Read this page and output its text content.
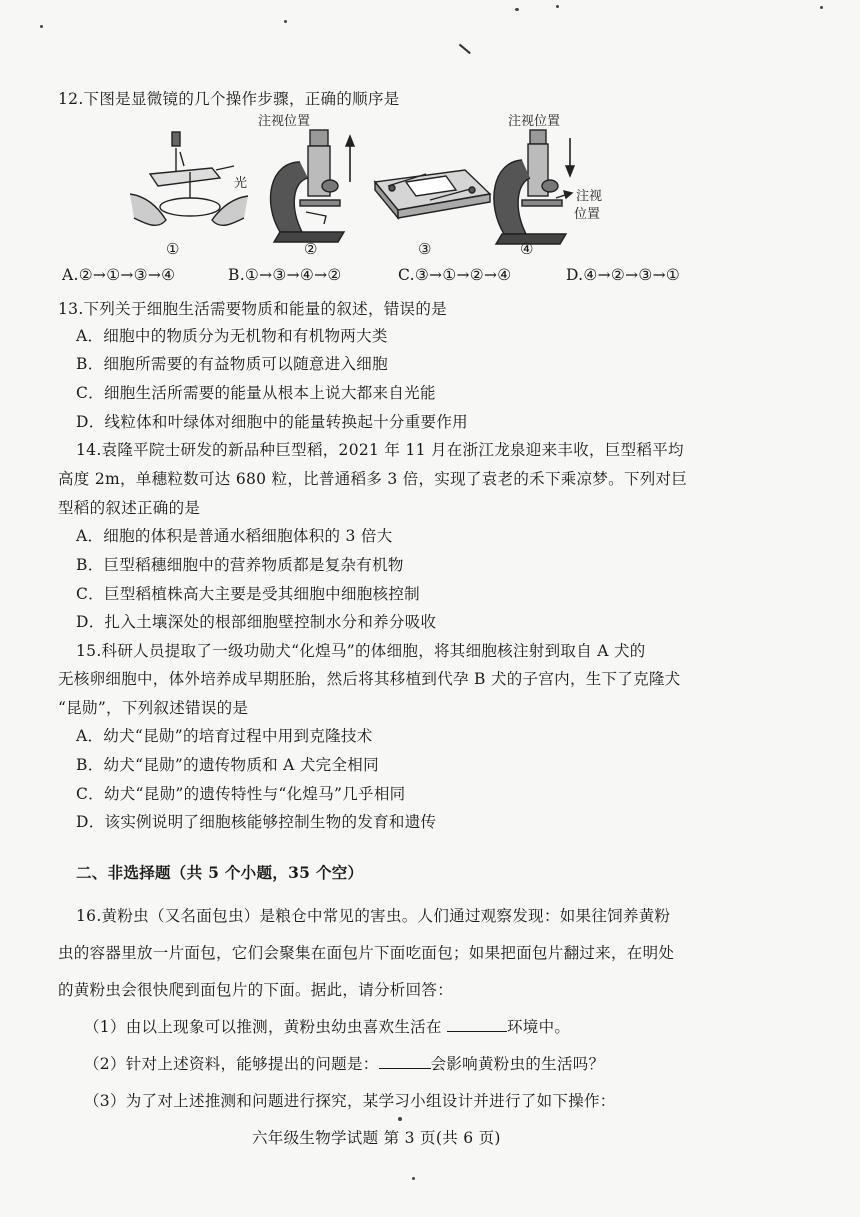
12.下图是显微镜的几个操作步骤，正确的顺序是
注视位置
光
注视位置
注视
位置
①	②	③	④
A.②→①→③→④	B.①→③→④→②	C.③→①→②→④	D.④→②→③→①
13.下列关于细胞生活需要物质和能量的叙述，错误的是
A．细胞中的物质分为无机物和有机物两大类
B．细胞所需要的有益物质可以随意进入细胞
C．细胞生活所需要的能量从根本上说大都来自光能
D．线粒体和叶绿体对细胞中的能量转换起十分重要作用
14.袁隆平院士研发的新品种巨型稻，2021 年 11 月在浙江龙泉迎来丰收，巨型稻平均
高度 2m，单穗粒数可达 680 粒，比普通稻多 3 倍，实现了袁老的禾下乘凉梦。下列对巨
型稻的叙述正确的是
A．细胞的体积是普通水稻细胞体积的 3 倍大
B．巨型稻穗细胞中的营养物质都是复杂有机物
C．巨型稻植株高大主要是受其细胞中细胞核控制
D．扎入土壤深处的根部细胞壁控制水分和养分吸收
15.科研人员提取了一级功勋犬“化煌马”的体细胞，将其细胞核注射到取自 A 犬的
无核卵细胞中，体外培养成早期胚胎，然后将其移植到代孕 B 犬的子宫内，生下了克隆犬
“昆勋”，下列叙述错误的是
A．幼犬“昆勋”的培育过程中用到克隆技术
B．幼犬“昆勋”的遗传物质和 A 犬完全相同
C．幼犬“昆勋”的遗传特性与“化煌马”几乎相同
D．该实例说明了细胞核能够控制生物的发育和遗传
二、非选择题（共 5 个小题，35 个空）
16.黄粉虫（又名面包虫）是粮仓中常见的害虫。人们通过观察发现：如果往饲养黄粉
虫的容器里放一片面包，它们会聚集在面包片下面吃面包；如果把面包片翻过来，在明处
的黄粉虫会很快爬到面包片的下面。据此，请分析回答：
（1）由以上现象可以推测，黄粉虫幼虫喜欢生活在	环境中。
（2）针对上述资料，能够提出的问题是：	会影响黄粉虫的生活吗？
（3）为了对上述推测和问题进行探究，某学习小组设计并进行了如下操作：
六年级生物学试题 第 3 页(共 6 页)
